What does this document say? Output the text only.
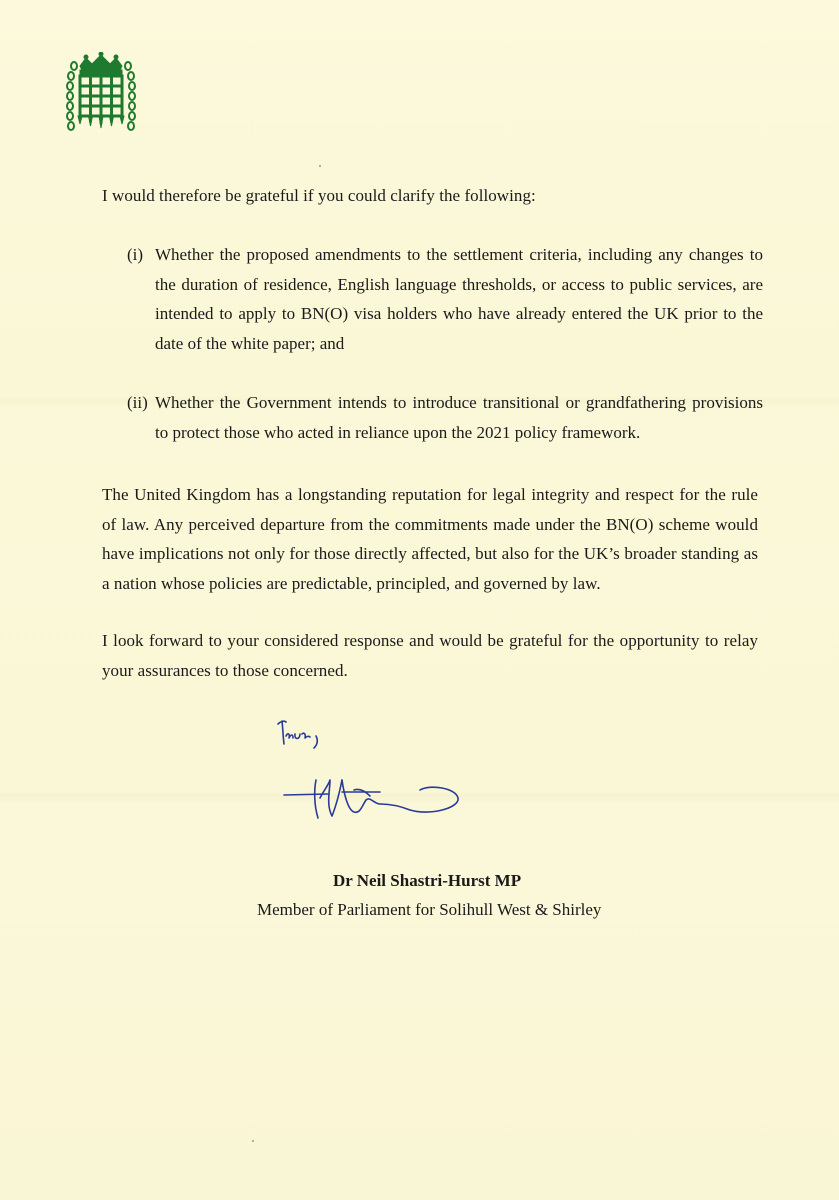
I would therefore be grateful if you could clarify the following:
(i) Whether the proposed amendments to the settlement criteria, including any changes to the duration of residence, English language thresholds, or access to public services, are intended to apply to BN(O) visa holders who have already entered the UK prior to the date of the white paper; and
(ii) Whether the Government intends to introduce transitional or grandfathering provisions to protect those who acted in reliance upon the 2021 policy framework.
The United Kingdom has a longstanding reputation for legal integrity and respect for the rule of law. Any perceived departure from the commitments made under the BN(O) scheme would have implications not only for those directly affected, but also for the UK’s broader standing as a nation whose policies are predictable, principled, and governed by law.
I look forward to your considered response and would be grateful for the opportunity to relay your assurances to those concerned.
Dr Neil Shastri-Hurst MP
Member of Parliament for Solihull West & Shirley
